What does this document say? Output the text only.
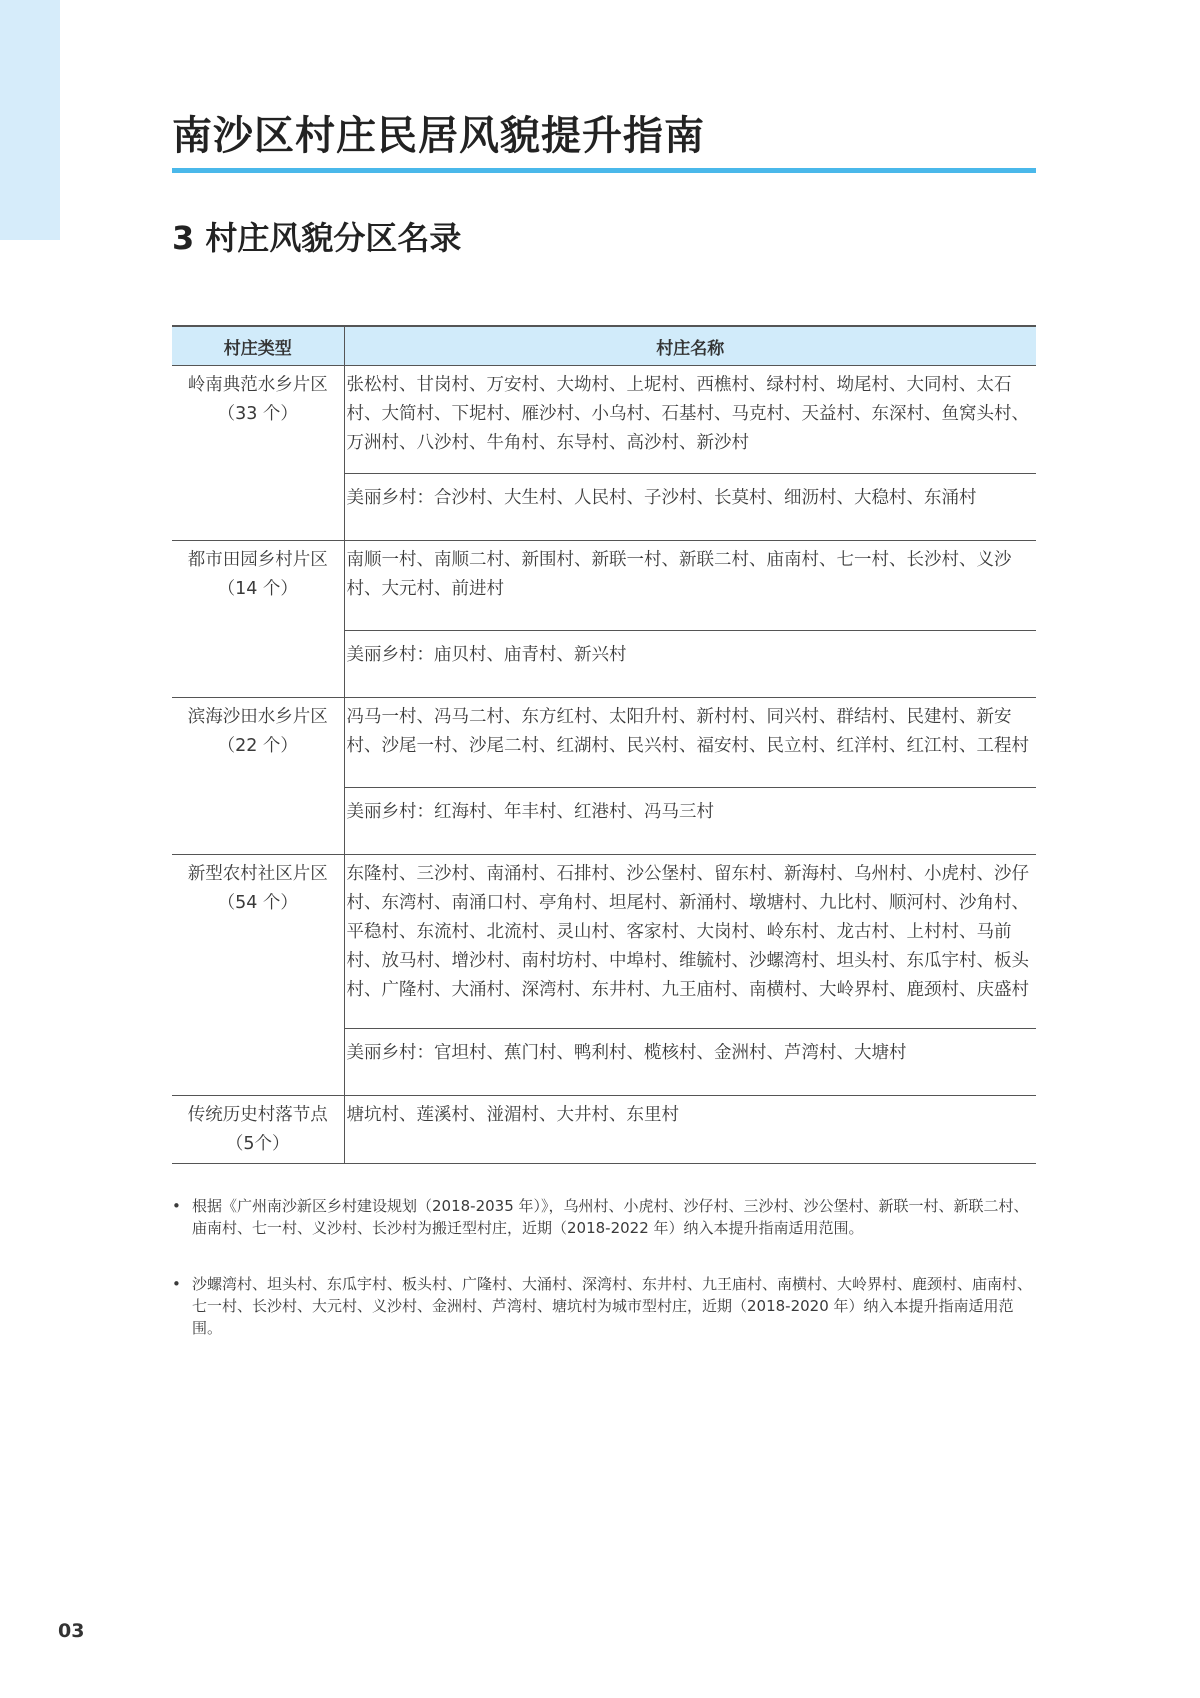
南沙区村庄民居风貌提升指南
3 村庄风貌分区名录
村庄类型	村庄名称
岭南典范水乡片区
（33 个）	张松村、甘岗村、万安村、大坳村、上坭村、西樵村、绿村村、坳尾村、大同村、太石村、大简村、下坭村、雁沙村、小乌村、石基村、马克村、天益村、东深村、鱼窝头村、万洲村、八沙村、牛角村、东导村、高沙村、新沙村
	美丽乡村：合沙村、大生村、人民村、子沙村、长莫村、细沥村、大稳村、东涌村
都市田园乡村片区
（14 个）	南顺一村、南顺二村、新围村、新联一村、新联二村、庙南村、七一村、长沙村、义沙村、大元村、前进村
	美丽乡村：庙贝村、庙青村、新兴村
滨海沙田水乡片区
（22 个）	冯马一村、冯马二村、东方红村、太阳升村、新村村、同兴村、群结村、民建村、新安村、沙尾一村、沙尾二村、红湖村、民兴村、福安村、民立村、红洋村、红江村、工程村
	美丽乡村：红海村、年丰村、红港村、冯马三村
新型农村社区片区
（54 个）	东隆村、三沙村、南涌村、石排村、沙公堡村、留东村、新海村、乌州村、小虎村、沙仔村、东湾村、南涌口村、亭角村、坦尾村、新涌村、墩塘村、九比村、顺河村、沙角村、平稳村、东流村、北流村、灵山村、客家村、大岗村、岭东村、龙古村、上村村、马前村、放马村、增沙村、南村坊村、中埠村、维毓村、沙螺湾村、坦头村、东瓜宇村、板头村、广隆村、大涌村、深湾村、东井村、九王庙村、南横村、大岭界村、鹿颈村、庆盛村
	美丽乡村：官坦村、蕉门村、鸭利村、榄核村、金洲村、芦湾村、大塘村
传统历史村落节点
（5个）	塘坑村、莲溪村、湴湄村、大井村、东里村
• 根据《广州南沙新区乡村建设规划（2018-2035 年）》，乌州村、小虎村、沙仔村、三沙村、沙公堡村、新联一村、新联二村、庙南村、七一村、义沙村、长沙村为搬迁型村庄，近期（2018-2022 年）纳入本提升指南适用范围。
• 沙螺湾村、坦头村、东瓜宇村、板头村、广隆村、大涌村、深湾村、东井村、九王庙村、南横村、大岭界村、鹿颈村、庙南村、七一村、长沙村、大元村、义沙村、金洲村、芦湾村、塘坑村为城市型村庄，近期（2018-2020 年）纳入本提升指南适用范围。
03
